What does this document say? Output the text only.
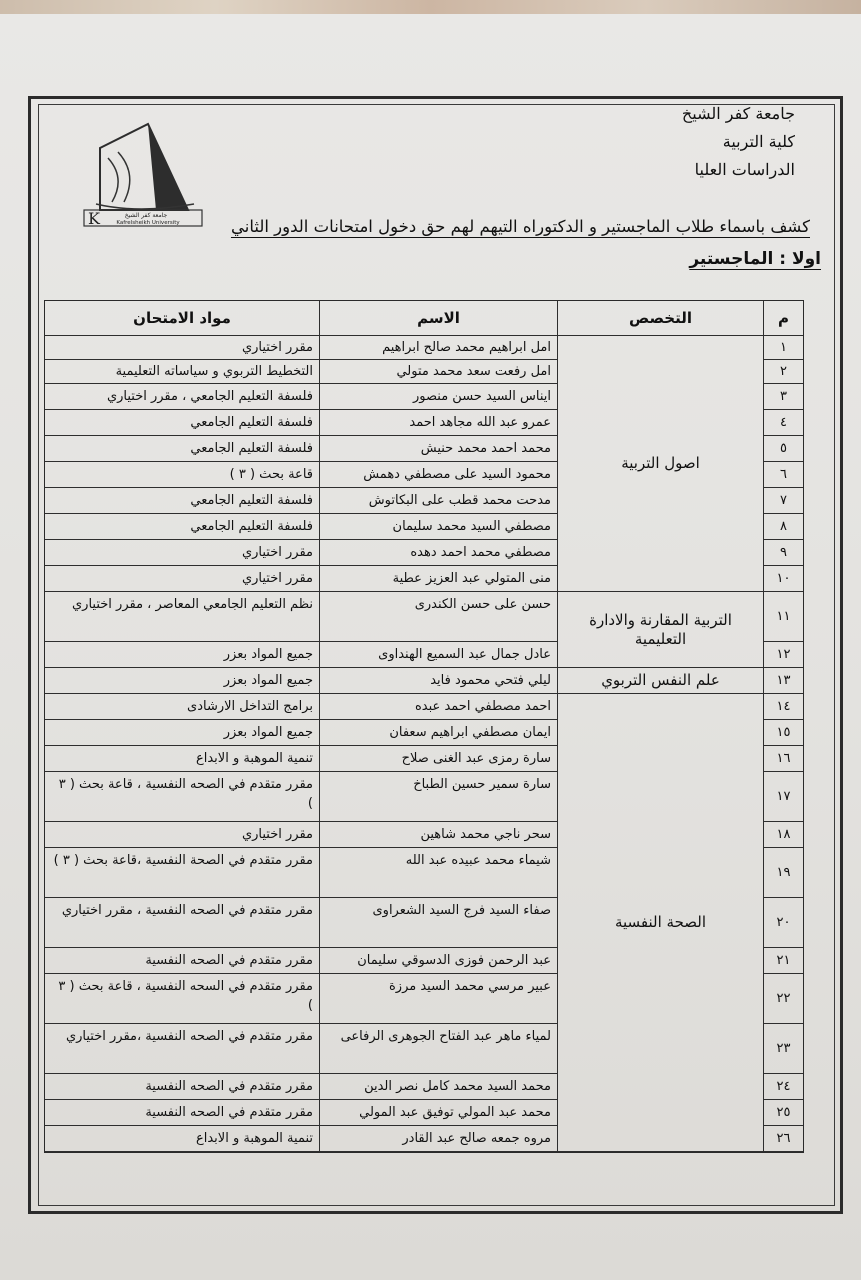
جامعة كفر الشيخ
كلية التربية
الدراسات العليا
K	جامعة كفر الشيخ
Kafrelsheikh University	كشف باسماء طلاب الماجستير و الدكتوراه التيهم لهم حق دخول امتحانات الدور الثاني
اولا : الماجستير
م
التخصص
الاسم
مواد الامتحان
اصول التربية
التربية المقارنة والادارة التعليمية
علم النفس التربوي
الصحة النفسية
١
امل ابراهيم محمد صالح ابراهيم
مقرر اختياري
٢
امل رفعت سعد محمد متولي
التخطيط التربوي و سياساته التعليمية
٣
ايناس السيد حسن منصور
فلسفة التعليم الجامعي ، مقرر اختياري
٤
عمرو عبد الله مجاهد احمد
فلسفة التعليم الجامعي
٥
محمد احمد محمد حنيش
فلسفة التعليم الجامعي
٦
محمود السيد على مصطفي دهمش
قاعة بحث ( ٣ )
٧
مدحت محمد قطب على البكاتوش
فلسفة التعليم الجامعي
٨
مصطفي السيد محمد سليمان
فلسفة التعليم الجامعي
٩
مصطفي محمد احمد دهده
مقرر اختياري
١٠
منى المتولي عبد العزيز عطية
مقرر اختياري
١١
حسن على حسن الكندرى
نظم التعليم الجامعي المعاصر ، مقرر اختياري
١٢
عادل جمال عبد السميع الهنداوى
جميع المواد بعزر
١٣
ليلي فتحي محمود فايد
جميع المواد بعزر
١٤
احمد مصطفي احمد عبده
برامج التداخل الارشادى
١٥
ايمان مصطفي ابراهيم سعفان
جميع المواد بعزر
١٦
سارة رمزى عبد الغنى صلاح
تنمية الموهبة و الابداع
١٧
سارة سمير حسين الطباخ
مقرر متقدم في الصحه النفسية ، قاعة بحث ( ٣ )
١٨
سحر ناجي محمد شاهين
مقرر اختياري
١٩
شيماء محمد عبيده عبد الله
مقرر متقدم في الصحة النفسية ،قاعة بحث ( ٣ )
٢٠
صفاء السيد فرج السيد الشعراوى
مقرر متقدم في الصحه النفسية ، مقرر اختياري
٢١
عبد الرحمن فوزى الدسوقي سليمان
مقرر متقدم في الصحه النفسية
٢٢
عبير مرسي محمد السيد مرزة
مقرر متقدم في السحه النفسية ، قاعة بحث ( ٣ )
٢٣
لمياء ماهر عبد الفتاح الجوهرى الرفاعى
مقرر متقدم في الصحه النفسية ،مقرر اختياري
٢٤
محمد السيد محمد كامل نصر الدين
مقرر متقدم في الصحه النفسية
٢٥
محمد عبد المولي توفيق عبد المولي
مقرر متقدم في الصحه النفسية
٢٦
مروه جمعه صالح عبد القادر
تنمية الموهبة و الابداع
